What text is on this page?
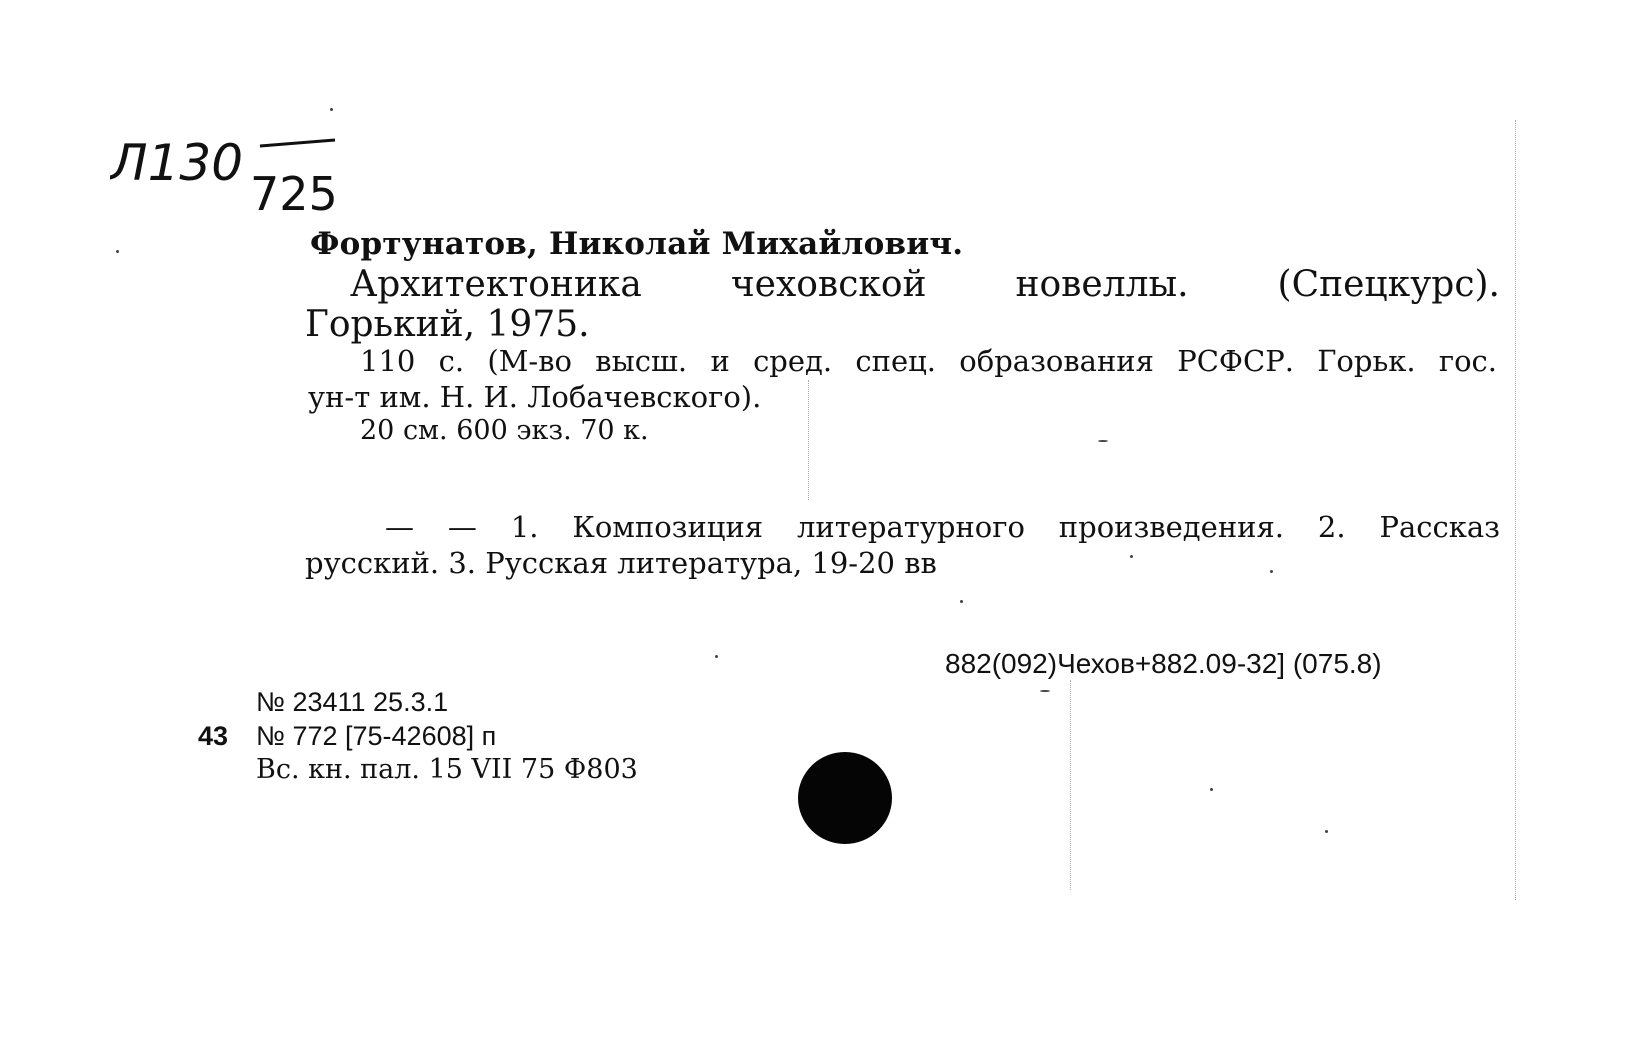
Л130
725
Фортунатов, Николай Михайлович.
Архитектоника чеховской новеллы. (Спецкурс).
Горький, 1975.
110 с. (М-во высш. и сред. спец. образования РСФСР. Горьк. гос.
ун-т им. Н. И. Лобачевского).
20 см. 600 экз. 70 к.
— — 1. Композиция литературного произведения. 2. Рассказ
русский. 3. Русская литература, 19-20 вв
882(092)Чехов+882.09-32] (075.8)
№ 23411 25.3.1
43 № 772 [75-42608] п
Вс. кн. пал. 15 VII 75 Ф803
